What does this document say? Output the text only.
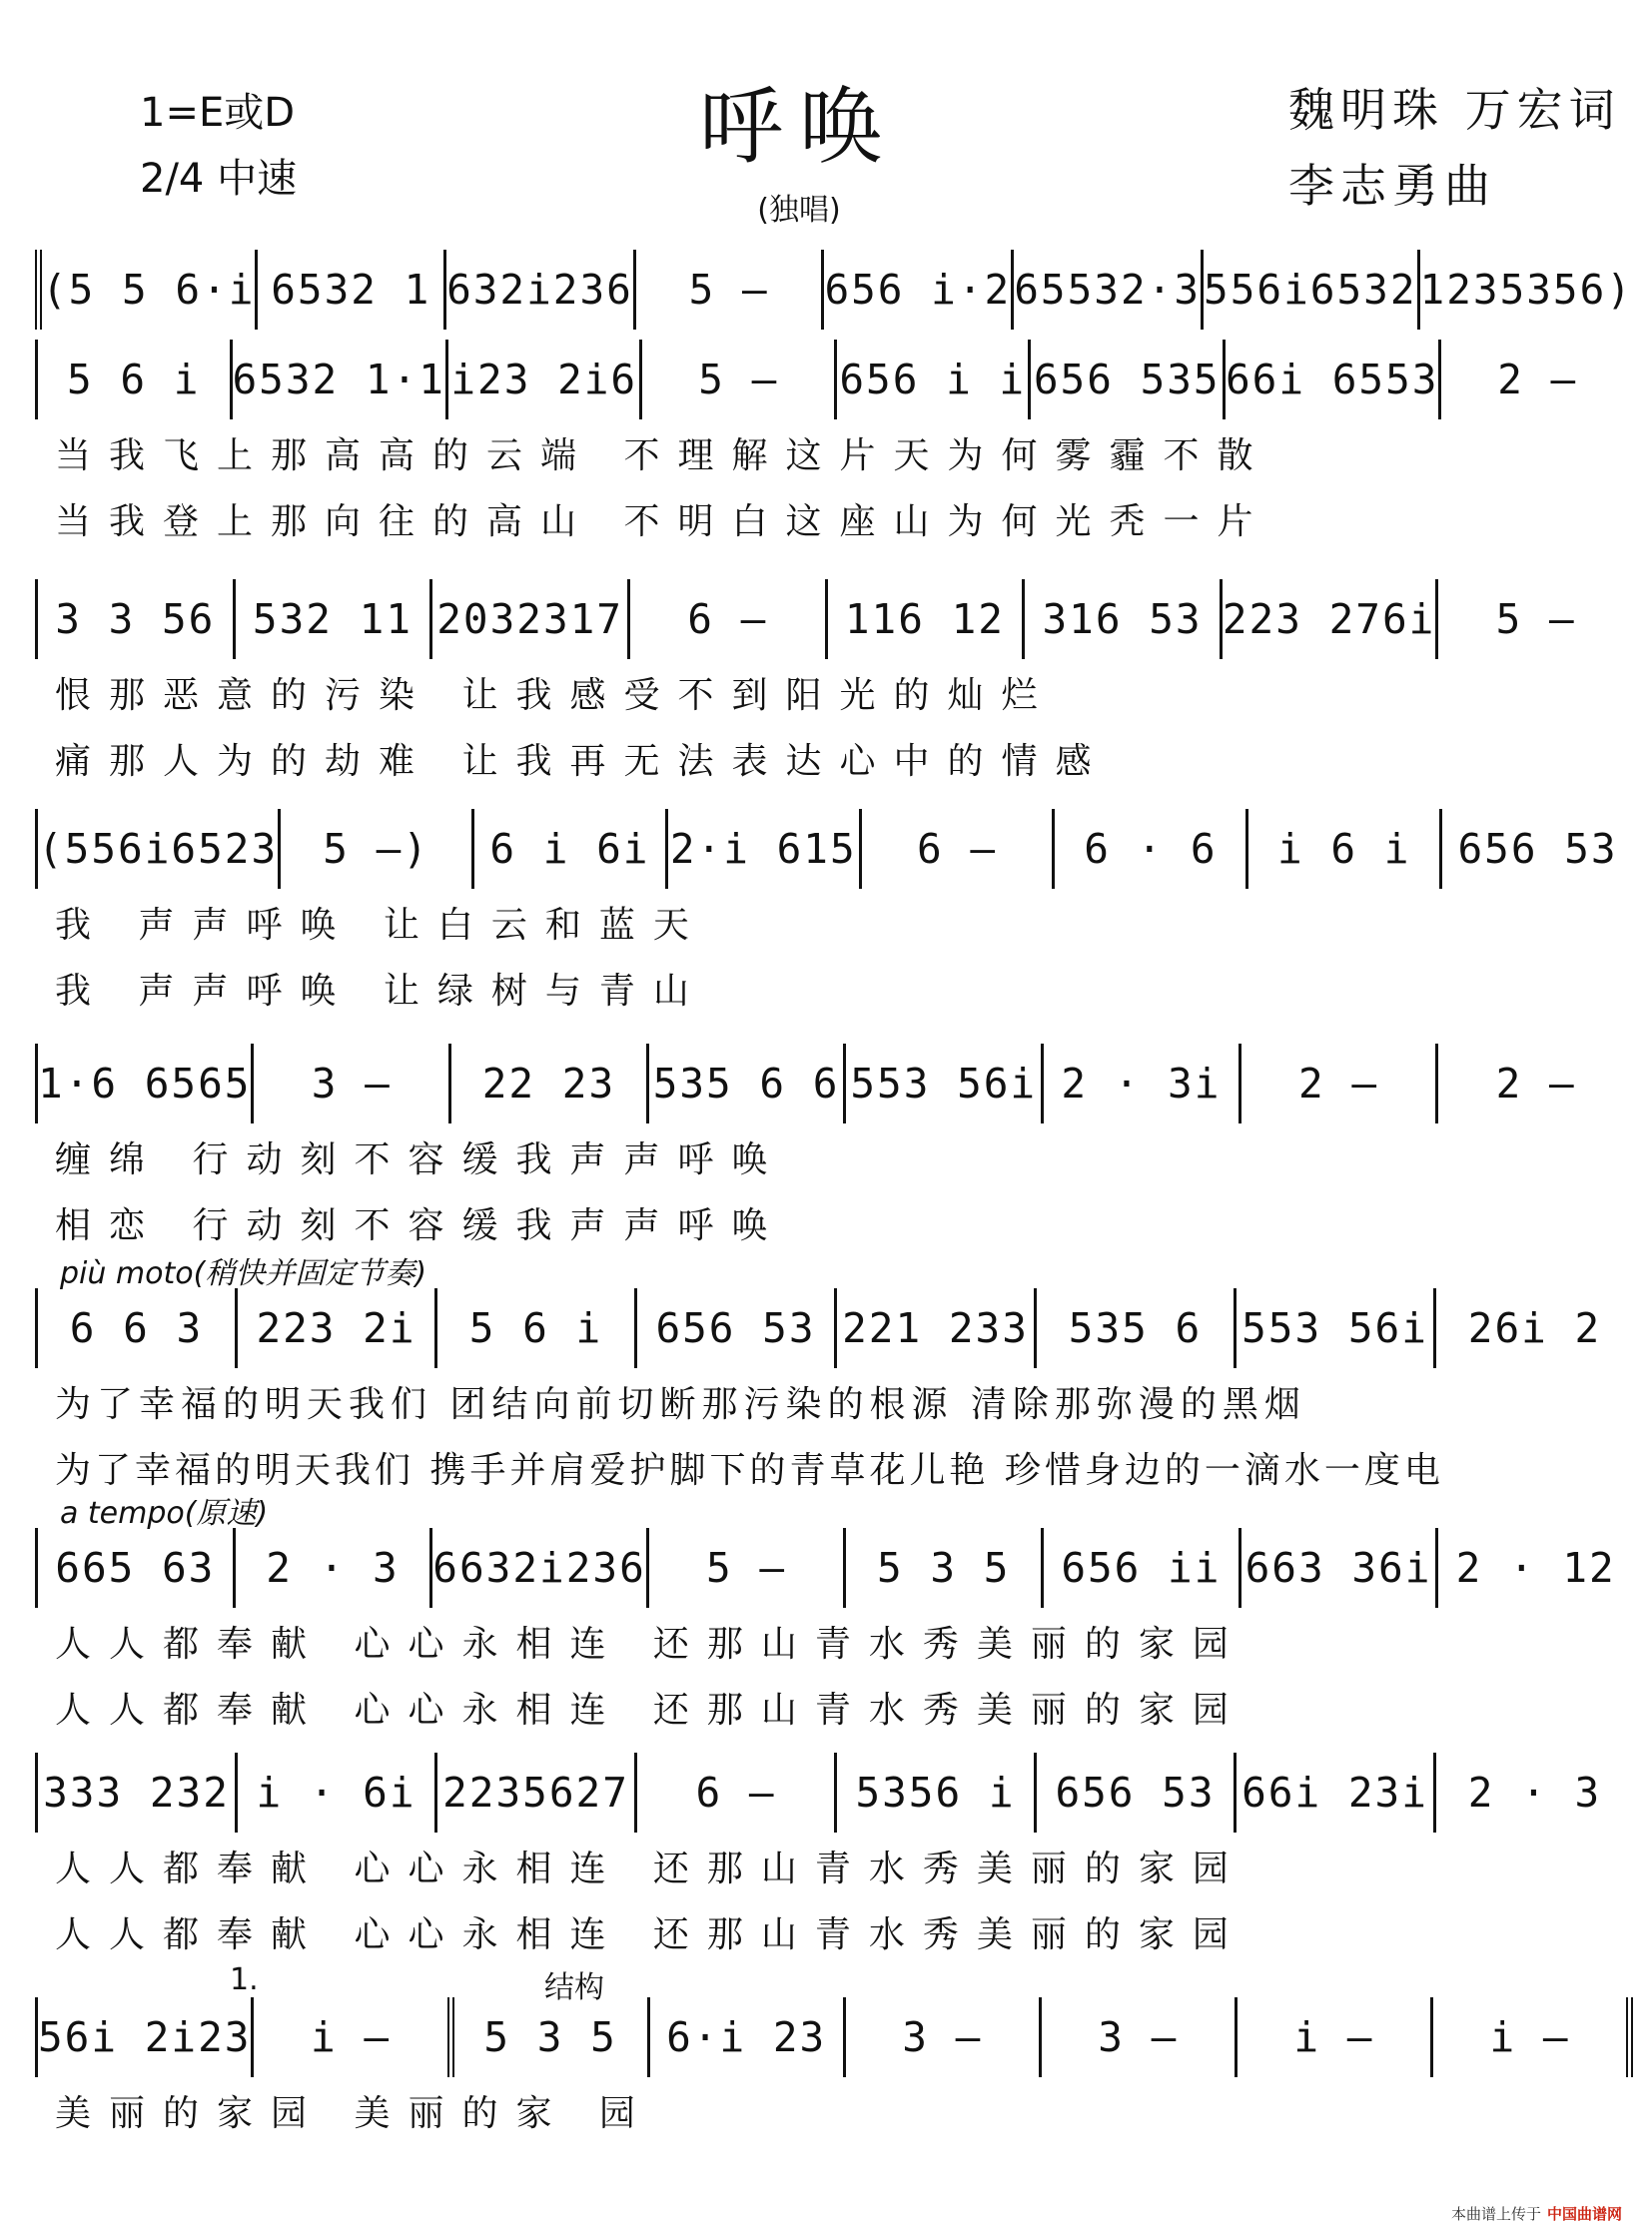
1=E或D
2/4 中速
呼唤
(独唱)
魏明珠 万宏词
李志勇曲
(5 5 6·i 6532 1 632i236	5 —	656 i·2 65532·3 556i6532 1235356)
5 6 i 6532 1·1 i23 2i6	5 —	656 i i 656 535 66i 6553	2 —
当我飞上那高高的云端 不理解这片天为何雾霾不散
当我登上那向往的高山 不明白这座山为何光秃一片
3 3 56 532 11 2032317	6 —	116 12 316 53 223 276i	5 —
恨那恶意的污染 让我感受不到阳光的灿烂
痛那人为的劫难 让我再无法表达心中的情感
(556i6523	5 —)	6 i 6i 2·i 615	6 —	6 · 6	i 6 i	656 53
我 声声呼唤 让白云和蓝天
我 声声呼唤 让绿树与青山
1·6 6565	3 —	22 23 535 6 6 553 56i 2 · 3i	2 —	2 —
缠绵 行动刻不容缓我声声呼唤
相恋 行动刻不容缓我声声呼唤
più moto(稍快并固定节奏)
6 6 3	223 2i	5 6 i	656 53 221 233 535 6 553 56i 26i 2
为了幸福的明天我们 团结向前切断那污染的根源 清除那弥漫的黑烟
为了幸福的明天我们 携手并肩爱护脚下的青草花儿艳 珍惜身边的一滴水一度电
a tempo(原速)
665 63	2 · 3 6632i236	5 —	5 3 5	656 ii 663 36i 2 · 12
人人都奉献 心心永相连 还那山青水秀美丽的家园
人人都奉献 心心永相连 还那山青水秀美丽的家园
333 232 i · 6i 2235627	6 —	5356 i 656 53 66i 23i 2 · 3
人人都奉献 心心永相连 还那山青水秀美丽的家园
人人都奉献 心心永相连 还那山青水秀美丽的家园
1.	结构
56i 2i23	i —	5 3 5	6·i 23	3 —	3 —	i —	i —
美丽的家园 美丽的家 园
本曲谱上传于 中国曲谱网
